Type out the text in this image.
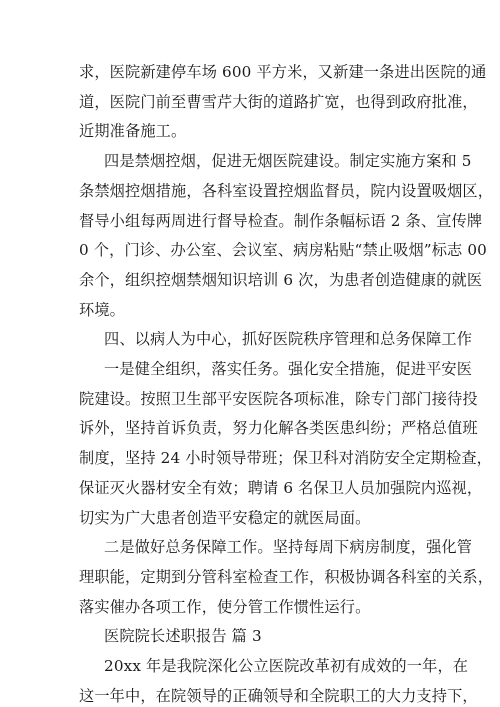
求，医院新建停车场 600 平方米，又新建一条进出医院的通
道，医院门前至曹雪芹大街的道路扩宽，也得到政府批准，
近期准备施工。
四是禁烟控烟，促进无烟医院建设。制定实施方案和 5
条禁烟控烟措施，各科室设置控烟监督员，院内设置吸烟区，
督导小组每两周进行督导检查。制作条幅标语 2 条、宣传牌
0 个，门诊、办公室、会议室、病房粘贴“禁止吸烟”标志 00
余个，组织控烟禁烟知识培训 6 次，为患者创造健康的就医
环境。
四、以病人为中心，抓好医院秩序管理和总务保障工作
一是健全组织，落实任务。强化安全措施，促进平安医
院建设。按照卫生部平安医院各项标准，除专门部门接待投
诉外，坚持首诉负责，努力化解各类医患纠纷；严格总值班
制度，坚持 24 小时领导带班；保卫科对消防安全定期检查，
保证灭火器材安全有效；聘请 6 名保卫人员加强院内巡视，
切实为广大患者创造平安稳定的就医局面。
二是做好总务保障工作。坚持每周下病房制度，强化管
理职能，定期到分管科室检查工作，积极协调各科室的关系，
落实催办各项工作，使分管工作惯性运行。
医院院长述职报告 篇 3
20xx 年是我院深化公立医院改革初有成效的一年，在
这一年中，在院领导的正确领导和全院职工的大力支持下，
